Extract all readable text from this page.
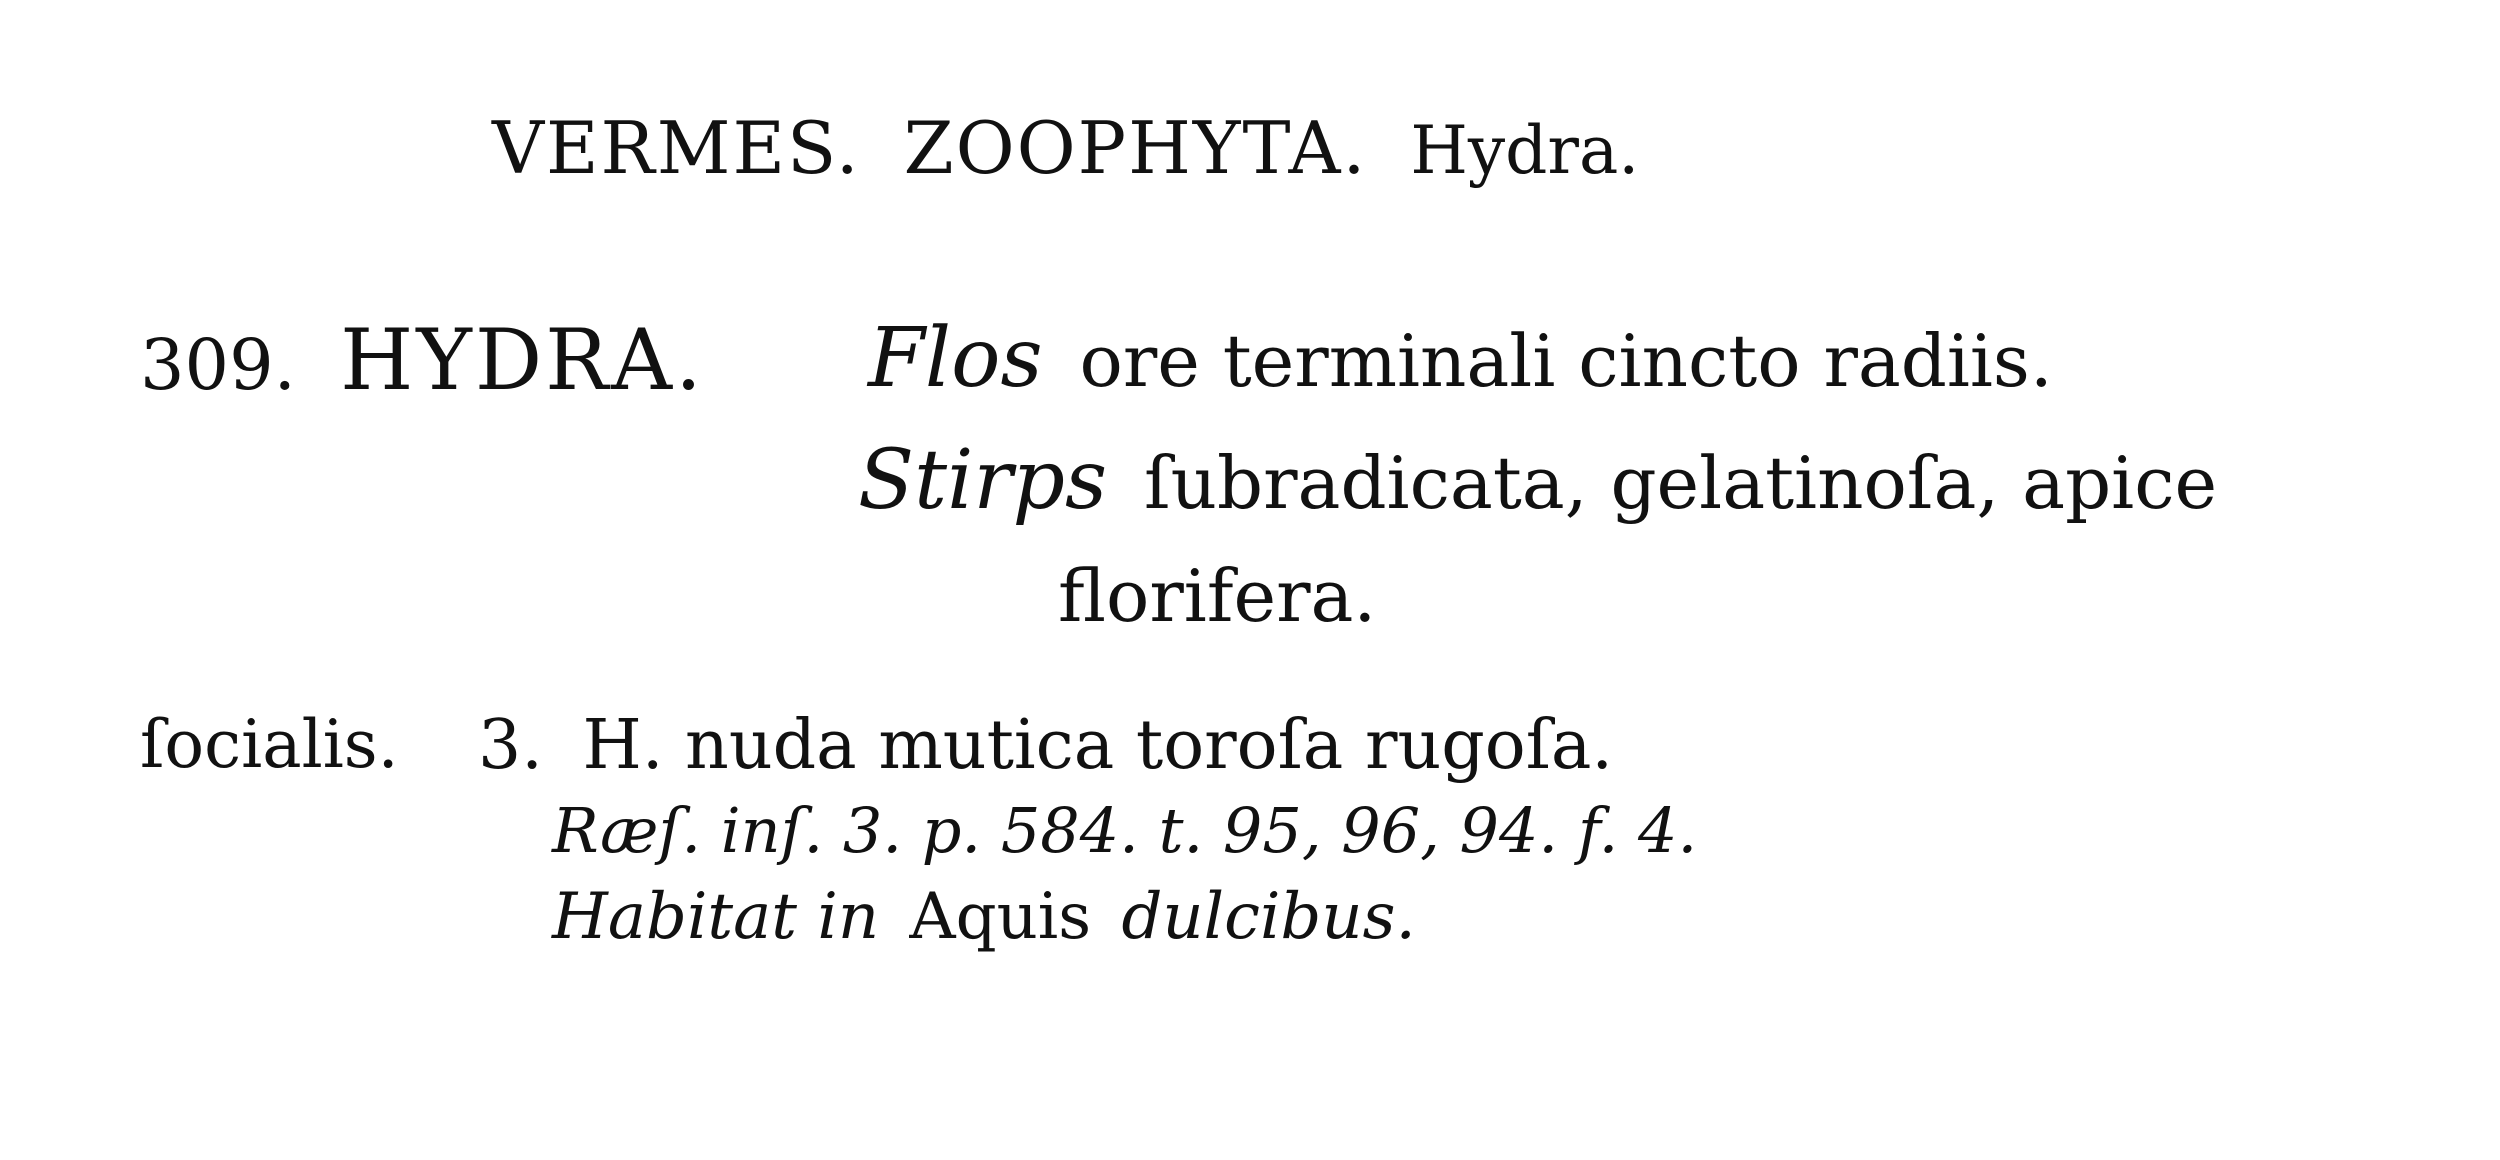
VERMES. ZOOPHYTA. Hydra.
309. HYDRA. Flos ore terminali cincto radiis.
Stirps ſubradicata, gelatinoſa, apice
florifera.
ſocialis. 3. H. nuda mutica toroſa rugoſa.
Ræſ. inſ. 3. p. 584. t. 95, 96, 94. f. 4.
Habitat in Aquis dulcibus.
